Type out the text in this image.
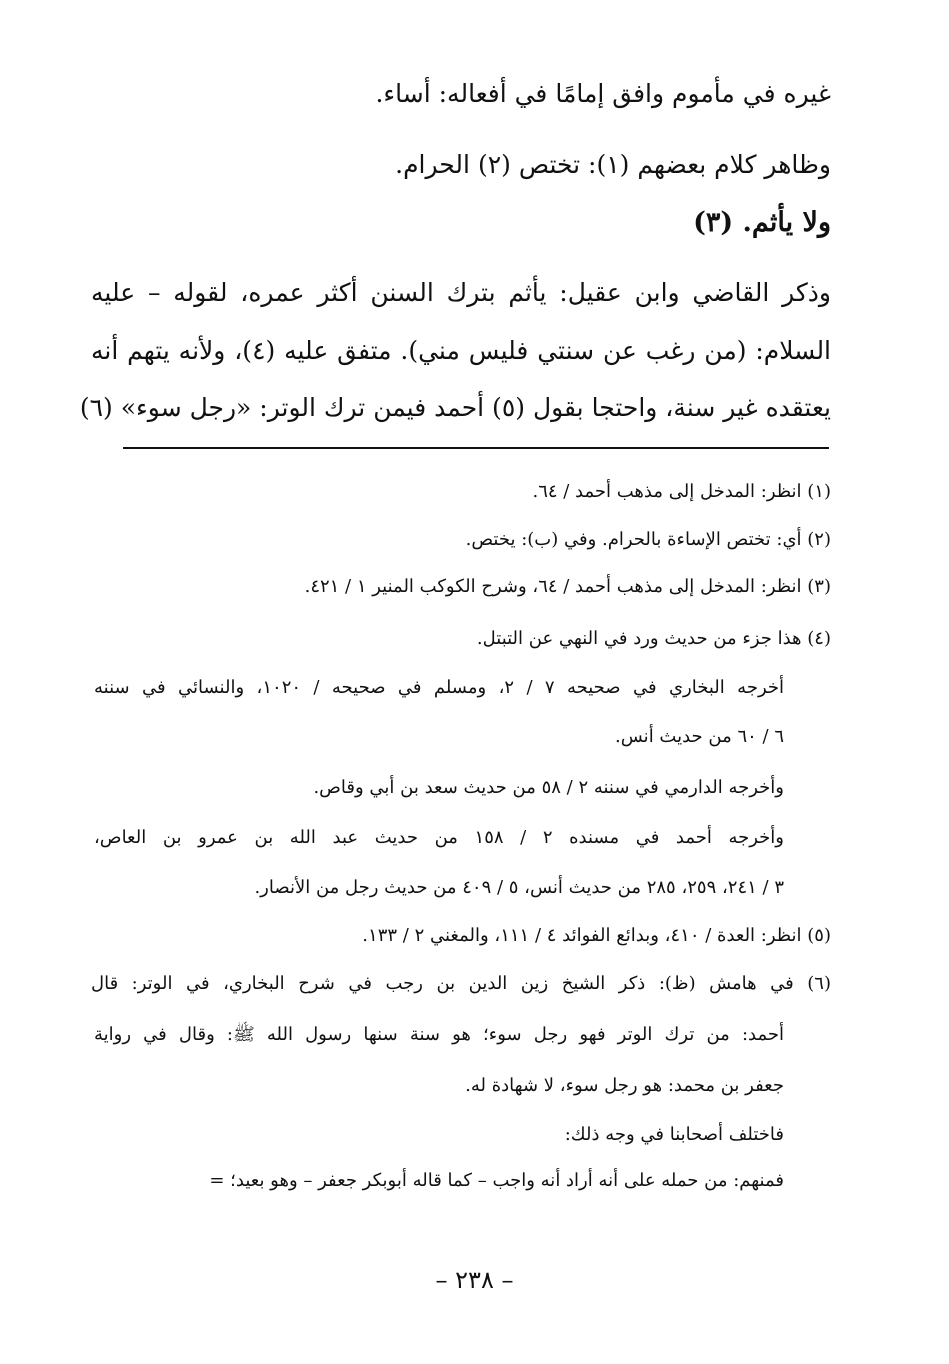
غيره في مأموم وافق إمامًا في أفعاله: أساء.
وظاهر كلام بعضهم (١): تختص (٢) الحرام.
ولا يأثم. (٣)
وذكر القاضي وابن عقيل: يأثم بترك السنن أكثر عمره، لقوله – عليه
السلام: (من رغب عن سنتي فليس مني). متفق عليه (٤)، ولأنه يتهم أنه
يعتقده غير سنة، واحتجا بقول (٥) أحمد فيمن ترك الوتر: «رجل سوء» (٦)
(١) انظر: المدخل إلى مذهب أحمد / ٦٤.
(٢) أي: تختص الإساءة بالحرام. وفي (ب): يختص.
(٣) انظر: المدخل إلى مذهب أحمد / ٦٤، وشرح الكوكب المنير ١ / ٤٢١.
(٤) هذا جزء من حديث ورد في النهي عن التبتل.
أخرجه البخاري في صحيحه ٧ / ٢، ومسلم في صحيحه / ١٠٢٠، والنسائي في سننه
٦ / ٦٠ من حديث أنس.
وأخرجه الدارمي في سننه ٢ / ٥٨ من حديث سعد بن أبي وقاص.
وأخرجه أحمد في مسنده ٢ / ١٥٨ من حديث عبد الله بن عمرو بن العاص،
٣ / ٢٤١، ٢٥٩، ٢٨٥ من حديث أنس، ٥ / ٤٠٩ من حديث رجل من الأنصار.
(٥) انظر: العدة / ٤١٠، وبدائع الفوائد ٤ / ١١١، والمغني ٢ / ١٣٣.
(٦) في هامش (ظ): ذكر الشيخ زين الدين بن رجب في شرح البخاري، في الوتر: قال
أحمد: من ترك الوتر فهو رجل سوء؛ هو سنة سنها رسول الله ﷺ: وقال في رواية
جعفر بن محمد: هو رجل سوء، لا شهادة له.
فاختلف أصحابنا في وجه ذلك:
فمنهم: من حمله على أنه أراد أنه واجب – كما قاله أبوبكر جعفر – وهو بعيد؛ =
– ٢٣٨ –
